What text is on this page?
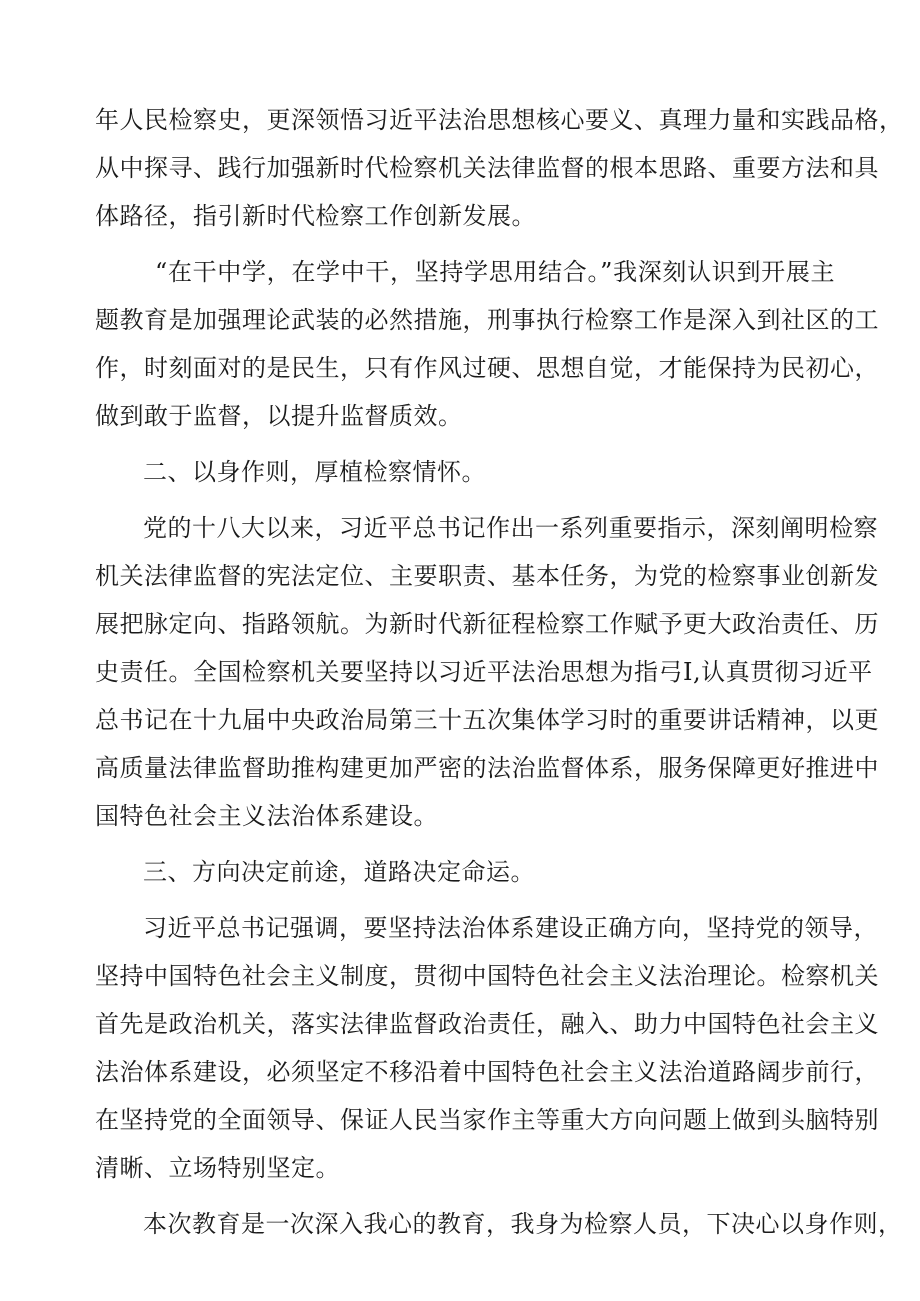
年人民检察史，更深领悟习近平法治思想核心要义、真理力量和实践品格，
从中探寻、践行加强新时代检察机关法律监督的根本思路、重要方法和具
体路径，指引新时代检察工作创新发展。
“在干中学，在学中干，坚持学思用结合。”我深刻认识到开展主
题教育是加强理论武装的必然措施，刑事执行检察工作是深入到社区的工
作，时刻面对的是民生，只有作风过硬、思想自觉，才能保持为民初心，
做到敢于监督，以提升监督质效。
二、以身作则，厚植检察情怀。
党的十八大以来，习近平总书记作出一系列重要指示，深刻阐明检察
机关法律监督的宪法定位、主要职责、基本任务，为党的检察事业创新发
展把脉定向、指路领航。为新时代新征程检察工作赋予更大政治责任、历
史责任。全国检察机关要坚持以习近平法治思想为指弓I,认真贯彻习近平
总书记在十九届中央政治局第三十五次集体学习时的重要讲话精神，以更
高质量法律监督助推构建更加严密的法治监督体系，服务保障更好推进中
国特色社会主义法治体系建设。
三、方向决定前途，道路决定命运。
习近平总书记强调，要坚持法治体系建设正确方向，坚持党的领导，
坚持中国特色社会主义制度，贯彻中国特色社会主义法治理论。检察机关
首先是政治机关，落实法律监督政治责任，融入、助力中国特色社会主义
法治体系建设，必须坚定不移沿着中国特色社会主义法治道路阔步前行，
在坚持党的全面领导、保证人民当家作主等重大方向问题上做到头脑特别
清晰、立场特别坚定。
本次教育是一次深入我心的教育，我身为检察人员，下决心以身作则，
